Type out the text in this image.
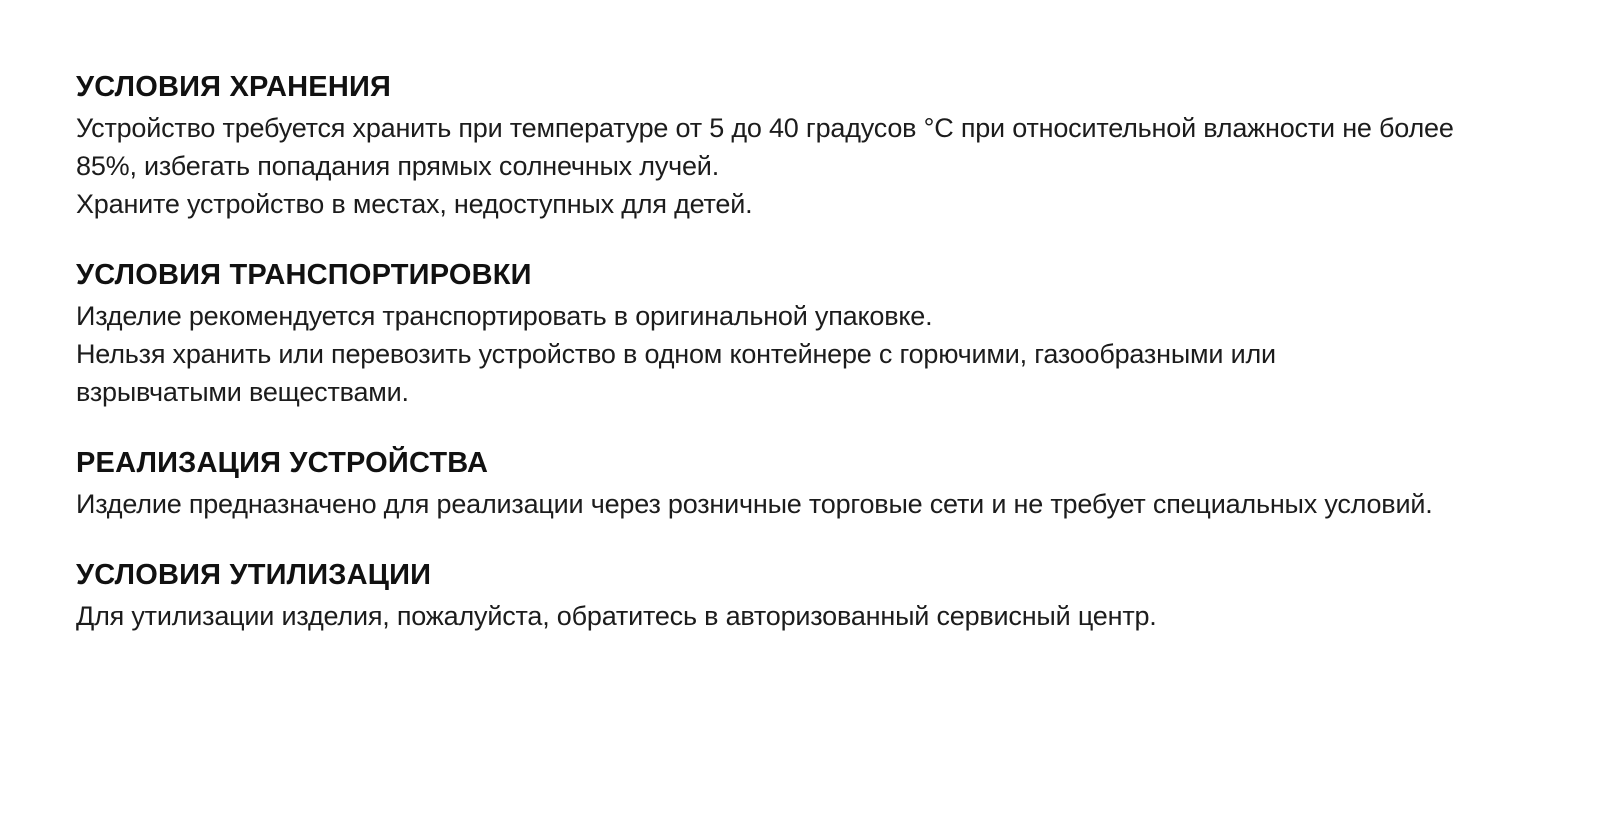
УСЛОВИЯ ХРАНЕНИЯ

Устройство требуется хранить при температуре от 5 до 40 градусов °С при относительной влажности не более 85%, избегать попадания прямых солнечных лучей.

Храните устройство в местах, недоступных для детей.

УСЛОВИЯ ТРАНСПОРТИРОВКИ

Изделие рекомендуется транспортировать в оригинальной упаковке.

Нельзя хранить или перевозить устройство в одном контейнере с горючими, газообразными или взрывчатыми веществами.

РЕАЛИЗАЦИЯ УСТРОЙСТВА

Изделие предназначено для реализации через розничные торговые сети и не требует специальных условий.

УСЛОВИЯ УТИЛИЗАЦИИ

Для утилизации изделия, пожалуйста, обратитесь в авторизованный сервисный центр.
